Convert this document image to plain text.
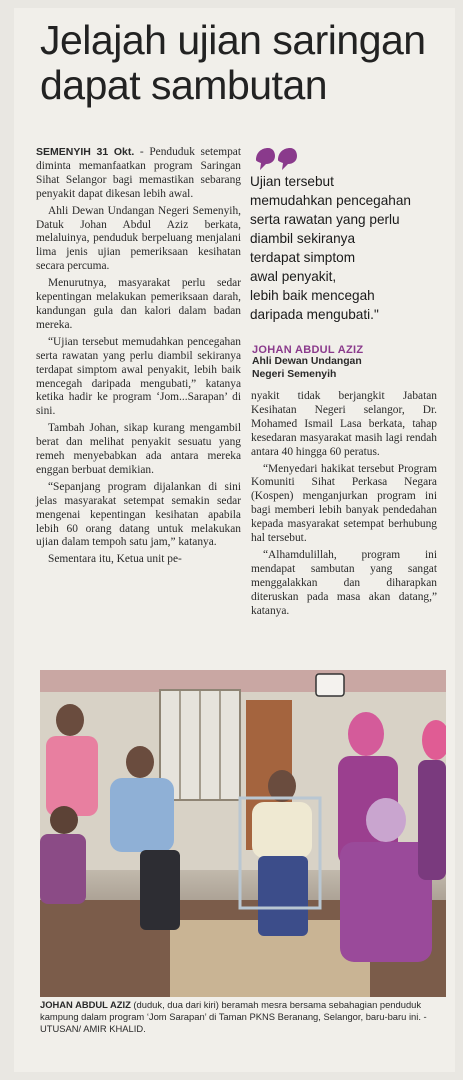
Jelajah ujian saringan
dapat sambutan

SEMENYIH 31 Okt. - Penduduk setempat diminta memanfaatkan program Saringan Sihat Selangor bagi memastikan sebarang penyakit dapat dikesan lebih awal.

Ahli Dewan Undangan Negeri Semenyih, Datuk Johan Abdul Aziz berkata, melaluinya, penduduk berpeluang menjalani lima jenis ujian pemeriksaan kesihatan secara percuma.

Menurutnya, masyarakat perlu sedar kepentingan melakukan pemeriksaan darah, kandungan gula dan kalori dalam badan mereka.

“Ujian tersebut memudahkan pencegahan serta rawatan yang perlu diambil sekiranya terdapat simptom awal penyakit, lebih baik mencegah daripada mengubati,” katanya ketika hadir ke program ‘Jom...Sarapan’ di sini.

Tambah Johan, sikap kurang mengambil berat dan melihat penyakit sesuatu yang remeh menyebabkan ada antara mereka enggan berbuat demikian.

“Sepanjang program dijalankan di sini jelas masyarakat setempat semakin sedar mengenai kepentingan kesihatan apabila lebih 60 orang datang untuk melakukan ujian dalam tempoh satu jam,” katanya.

Sementara itu, Ketua unit pe-

Ujian tersebut
memudahkan pencegahan
serta rawatan yang perlu
diambil sekiranya
terdapat simptom
awal penyakit,
lebih baik mencegah
daripada mengubati."
JOHAN ABDUL AZIZ
Ahli Dewan Undangan
Negeri Semenyih

nyakit tidak berjangkit Jabatan Kesihatan Negeri selangor, Dr. Mohamed Ismail Lasa berkata, tahap kesedaran masyarakat masih lagi rendah antara 40 hingga 60 peratus.

“Menyedari hakikat tersebut Program Komuniti Sihat Perkasa Negara (Kospen) menganjurkan program ini bagi memberi lebih banyak pendedahan kepada masyarakat setempat berhubung hal tersebut.

“Alhamdulillah, program ini mendapat sambutan yang sangat menggalakkan dan diharapkan diteruskan pada masa akan datang,” katanya.

JOHAN ABDUL AZIZ (duduk, dua dari kiri) beramah mesra bersama sebahagian penduduk kampung dalam program ‘Jom Sarapan’ di Taman PKNS Beranang, Selangor, baru-baru ini. - UTUSAN/ AMIR KHALID.
